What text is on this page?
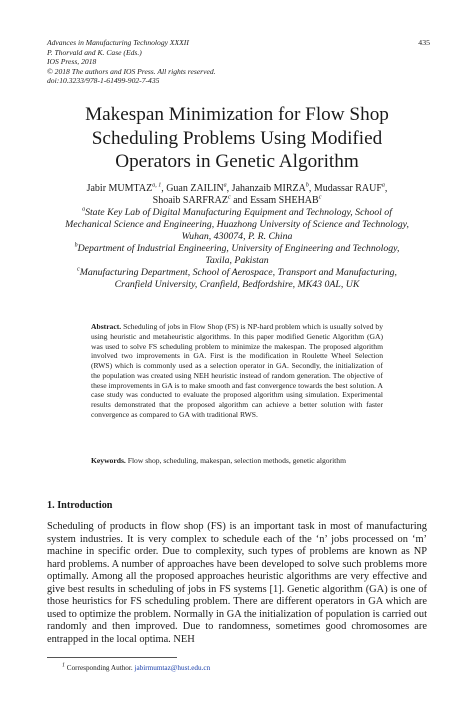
Advances in Manufacturing Technology XXXII
P. Thorvald and K. Case (Eds.)
IOS Press, 2018
© 2018 The authors and IOS Press. All rights reserved.
doi:10.3233/978-1-61499-902-7-435
435
Makespan Minimization for Flow Shop
Scheduling Problems Using Modified
Operators in Genetic Algorithm
Jabir MUMTAZ$^{a, 1}$, Guan ZAILIN$^a$, Jahanzaib MIRZA$^b$, Mudassar RAUF$^a$,
Shoaib SARFRAZ$^c$ and Essam SHEHAB$^c$
$^a$State Key Lab of Digital Manufacturing Equipment and Technology, School of
Mechanical Science and Engineering, Huazhong University of Science and Technology,
Wuhan, 430074, P. R. China
$^b$Department of Industrial Engineering, University of Engineering and Technology,
Taxila, Pakistan
$^c$Manufacturing Department, School of Aerospace, Transport and Manufacturing,
Cranfield University, Cranfield, Bedfordshire, MK43 0AL, UK
Abstract. Scheduling of jobs in Flow Shop (FS) is NP-hard problem which is usually solved by using heuristic and metaheuristic algorithms. In this paper modified Genetic Algorithm (GA) was used to solve FS scheduling problem to minimize the makespan. The proposed algorithm involved two improvements in GA. First is the modification in Roulette Wheel Selection (RWS) which is commonly used as a selection operator in GA. Secondly, the initialization of the population was created using NEH heuristic instead of random generation. The objective of these improvements in GA is to make smooth and fast convergence towards the best solution. A case study was conducted to evaluate the proposed algorithm using simulation. Experimental results demonstrated that the proposed algorithm can achieve a better solution with faster convergence as compared to GA with traditional RWS.
Keywords. Flow shop, scheduling, makespan, selection methods, genetic algorithm
1. Introduction
Scheduling of products in flow shop (FS) is an important task in most of manufacturing system industries. It is very complex to schedule each of the ‘n’ jobs processed on ‘m’ machine in specific order. Due to complexity, such types of problems are known as NP hard problems. A number of approaches have been developed to solve such problems more optimally. Among all the proposed approaches heuristic algorithms are very effective and give best results in scheduling of jobs in FS systems [1]. Genetic algorithm (GA) is one of those heuristics for FS scheduling problem. There are different operators in GA which are used to optimize the problem. Normally in GA the initialization of population is carried out randomly and then improved. Due to randomness, sometimes good chromosomes are entrapped in the local optima. NEH
$^1$ Corresponding Author. jabirmumtaz@hust.edu.cn
